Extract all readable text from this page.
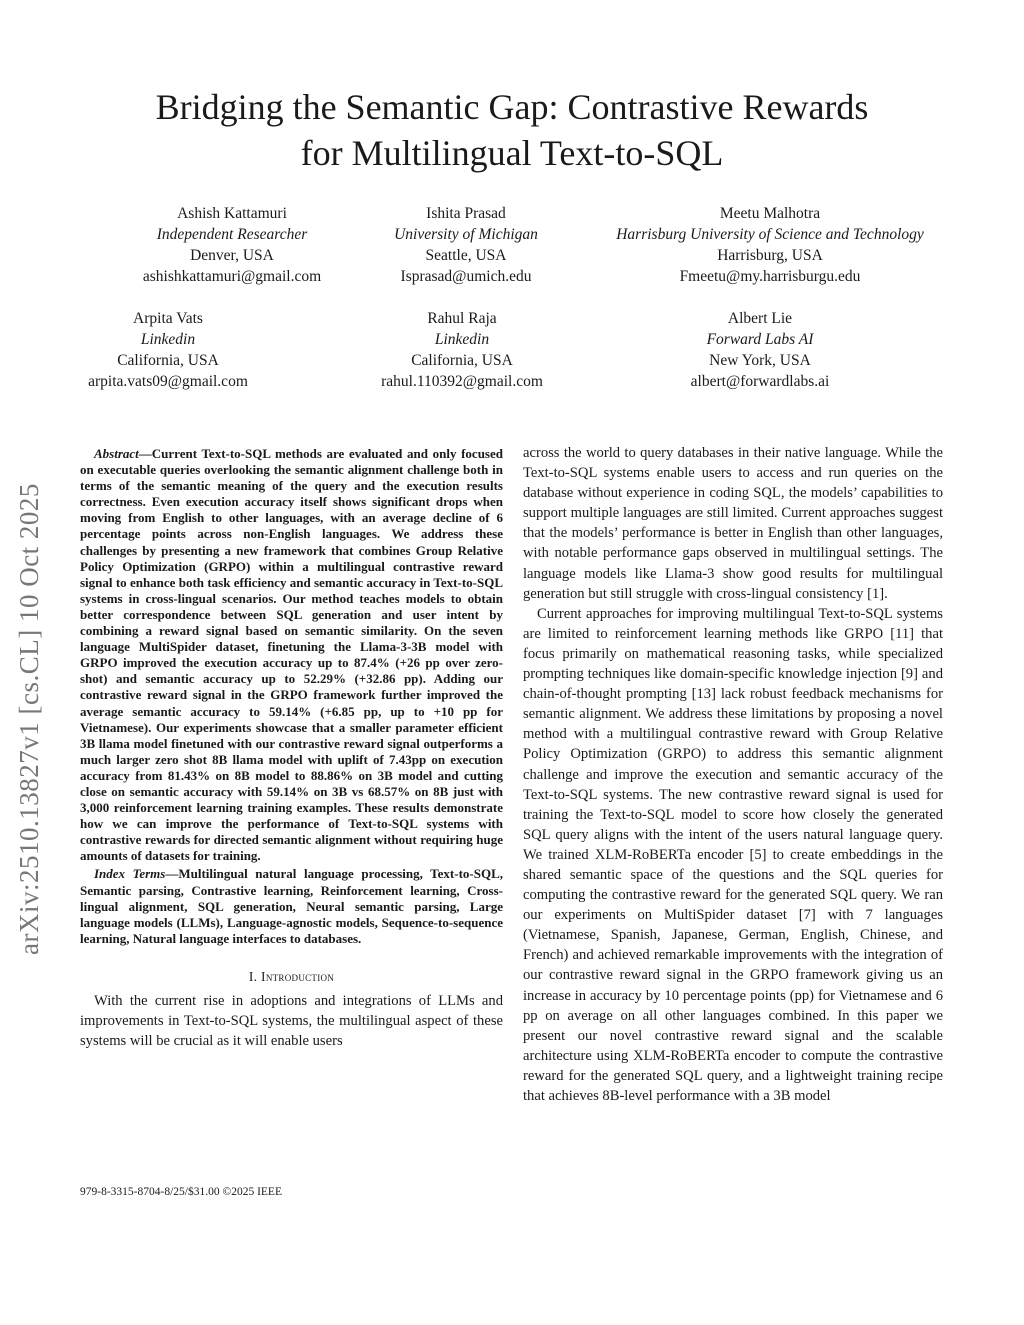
arXiv:2510.13827v1 [cs.CL] 10 Oct 2025
Bridging the Semantic Gap: Contrastive Rewards
for Multilingual Text-to-SQL
Ashish Kattamuri
Independent Researcher
Denver, USA
ashishkattamuri@gmail.com
Ishita Prasad
University of Michigan
Seattle, USA
Isprasad@umich.edu
Meetu Malhotra
Harrisburg University of Science and Technology
Harrisburg, USA
Fmeetu@my.harrisburgu.edu
Arpita Vats
Linkedin
California, USA
arpita.vats09@gmail.com
Rahul Raja
Linkedin
California, USA
rahul.110392@gmail.com
Albert Lie
Forward Labs AI
New York, USA
albert@forwardlabs.ai

Abstract—Current Text-to-SQL methods are evaluated and only focused on executable queries overlooking the semantic alignment challenge both in terms of the semantic meaning of the query and the execution results correctness. Even execution accuracy itself shows significant drops when moving from English to other languages, with an average decline of 6 percentage points across non-English languages. We address these challenges by presenting a new framework that combines Group Relative Policy Optimization (GRPO) within a multilingual contrastive reward signal to enhance both task efficiency and semantic accuracy in Text-to-SQL systems in cross-lingual scenarios. Our method teaches models to obtain better correspondence between SQL generation and user intent by combining a reward signal based on semantic similarity. On the seven language MultiSpider dataset, finetuning the Llama-3-3B model with GRPO improved the execution accuracy up to 87.4% (+26 pp over zero-shot) and semantic accuracy up to 52.29% (+32.86 pp). Adding our contrastive reward signal in the GRPO framework further improved the average semantic accuracy to 59.14% (+6.85 pp, up to +10 pp for Vietnamese). Our experiments showcase that a smaller parameter efficient 3B llama model finetuned with our contrastive reward signal outperforms a much larger zero shot 8B llama model with uplift of 7.43pp on execution accuracy from 81.43% on 8B model to 88.86% on 3B model and cutting close on semantic accuracy with 59.14% on 3B vs 68.57% on 8B just with 3,000 reinforcement learning training examples. These results demonstrate how we can improve the performance of Text-to-SQL systems with contrastive rewards for directed semantic alignment without requiring huge amounts of datasets for training.

Index Terms—Multilingual natural language processing, Text-to-SQL, Semantic parsing, Contrastive learning, Reinforcement learning, Cross-lingual alignment, SQL generation, Neural semantic parsing, Large language models (LLMs), Language-agnostic models, Sequence-to-sequence learning, Natural language interfaces to databases.

I. Introduction

With the current rise in adoptions and integrations of LLMs and improvements in Text-to-SQL systems, the multilingual aspect of these systems will be crucial as it will enable users

979-8-3315-8704-8/25/$31.00 ©2025 IEEE

across the world to query databases in their native language. While the Text-to-SQL systems enable users to access and run queries on the database without experience in coding SQL, the models’ capabilities to support multiple languages are still limited. Current approaches suggest that the models’ performance is better in English than other languages, with notable performance gaps observed in multilingual settings. The language models like Llama-3 show good results for multilingual generation but still struggle with cross-lingual consistency [1].

Current approaches for improving multilingual Text-to-SQL systems are limited to reinforcement learning methods like GRPO [11] that focus primarily on mathematical reasoning tasks, while specialized prompting techniques like domain-specific knowledge injection [9] and chain-of-thought prompting [13] lack robust feedback mechanisms for semantic alignment. We address these limitations by proposing a novel method with a multilingual contrastive reward with Group Relative Policy Optimization (GRPO) to address this semantic alignment challenge and improve the execution and semantic accuracy of the Text-to-SQL systems. The new contrastive reward signal is used for training the Text-to-SQL model to score how closely the generated SQL query aligns with the intent of the users natural language query. We trained XLM-RoBERTa encoder [5] to create embeddings in the shared semantic space of the questions and the SQL queries for computing the contrastive reward for the generated SQL query. We ran our experiments on MultiSpider dataset [7] with 7 languages (Vietnamese, Spanish, Japanese, German, English, Chinese, and French) and achieved remarkable improvements with the integration of our contrastive reward signal in the GRPO framework giving us an increase in accuracy by 10 percentage points (pp) for Vietnamese and 6 pp on average on all other languages combined. In this paper we present our novel contrastive reward signal and the scalable architecture using XLM-RoBERTa encoder to compute the contrastive reward for the generated SQL query, and a lightweight training recipe that achieves 8B-level performance with a 3B model
